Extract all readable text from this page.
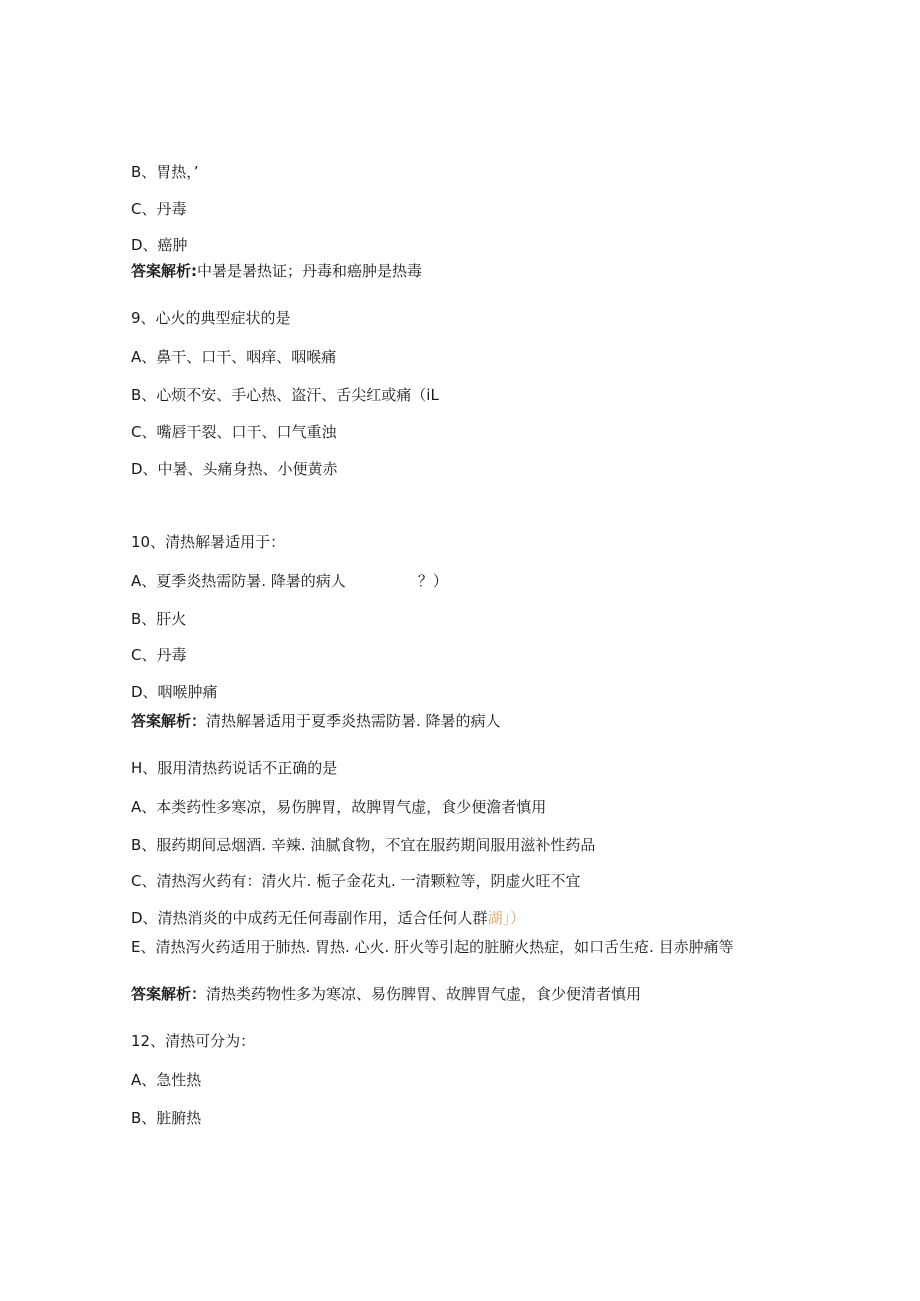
B、胃热，’
C、丹毒
D、癌肿
答案解析:中暑是暑热证；丹毒和癌肿是热毒
9、心火的典型症状的是
A、鼻干、口干、咽痒、咽喉痛
B、心烦不安、手心热、盗汗、舌尖红或痛（iL
C、嘴唇干裂、口干、口气重浊
D、中暑、头痛身热、小便黄赤
10、清热解暑适用于：
A、夏季炎热需防暑. 降暑的病人	？）
B、肝火
C、丹毒
D、咽喉肿痛
答案解析：清热解暑适用于夏季炎热需防暑. 降暑的病人
H、服用清热药说话不正确的是
A、本类药性多寒凉，易伤脾胃，故脾胃气虚，食少便澹者慎用
B、服药期间忌烟酒. 辛辣. 油腻食物，不宜在服药期间服用滋补性药品
C、清热泻火药有：清火片. 栀子金花丸. 一清颗粒等，阴虚火旺不宜
D、清热消炎的中成药无任何毒副作用，适合任何人群湖」）
E、清热泻火药适用于肺热. 胃热. 心火. 肝火等引起的脏腑火热症，如口舌生疮. 目赤肿痛等
答案解析：清热类药物性多为寒凉、易伤脾胃、故脾胃气虚，食少便清者慎用
12、清热可分为：
A、急性热
B、脏腑热
